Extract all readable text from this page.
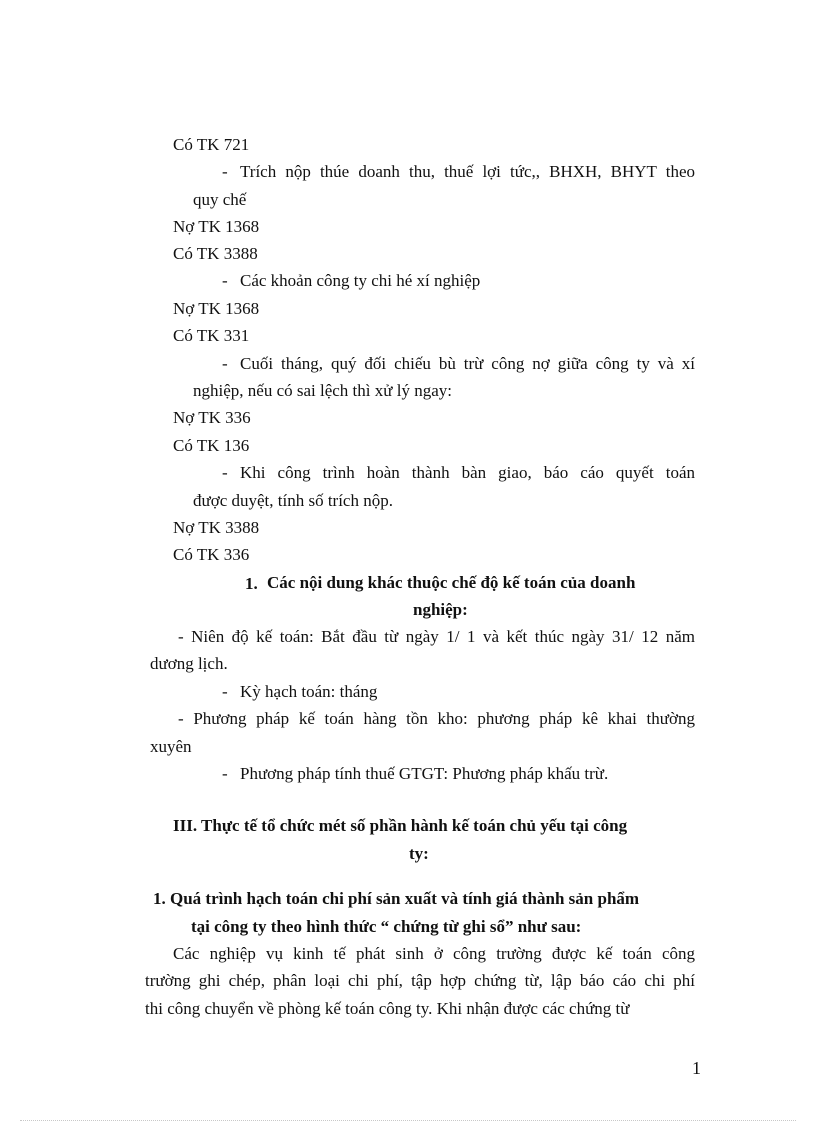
Có TK 721
- Trích nộp thúe doanh thu, thuế lợi tức,, BHXH, BHYT theo
quy chế
Nợ TK 1368
Có TK 3388
- Các khoản công ty chi hé xí nghiệp
Nợ TK 1368
Có TK 331
- Cuối tháng, quý đối chiếu bù trừ công nợ giữa công ty và xí
nghiệp, nếu có sai lệch thì xử lý ngay:
Nợ TK 336
Có TK 136
- Khi công trình hoàn thành bàn giao, báo cáo quyết toán
được duyệt, tính số trích nộp.
Nợ TK 3388
Có TK 336
1. Các nội dung khác thuộc chế độ kế toán của doanh
nghiệp:
- Niên độ kế toán: Bắt đầu từ ngày 1/ 1 và kết thúc ngày 31/ 12 năm
dương lịch.
- Kỳ hạch toán: tháng
- Phương pháp kế toán hàng tồn kho: phương pháp kê khai thường
xuyên
- Phương pháp tính thuế GTGT: Phương pháp khấu trừ.
III. Thực tế tổ chức mét số phần hành kế toán chủ yếu tại công
ty:
1. Quá trình hạch toán chi phí sản xuất và tính giá thành sản phẩm
tại công ty theo hình thức “ chứng từ ghi sổ” như sau:
Các nghiệp vụ kinh tế phát sinh ở công trường được kế toán công
trường ghi chép, phân loại chi phí, tập hợp chứng từ, lập báo cáo chi phí
thi công chuyển về phòng kế toán công ty. Khi nhận được các chứng từ
1
